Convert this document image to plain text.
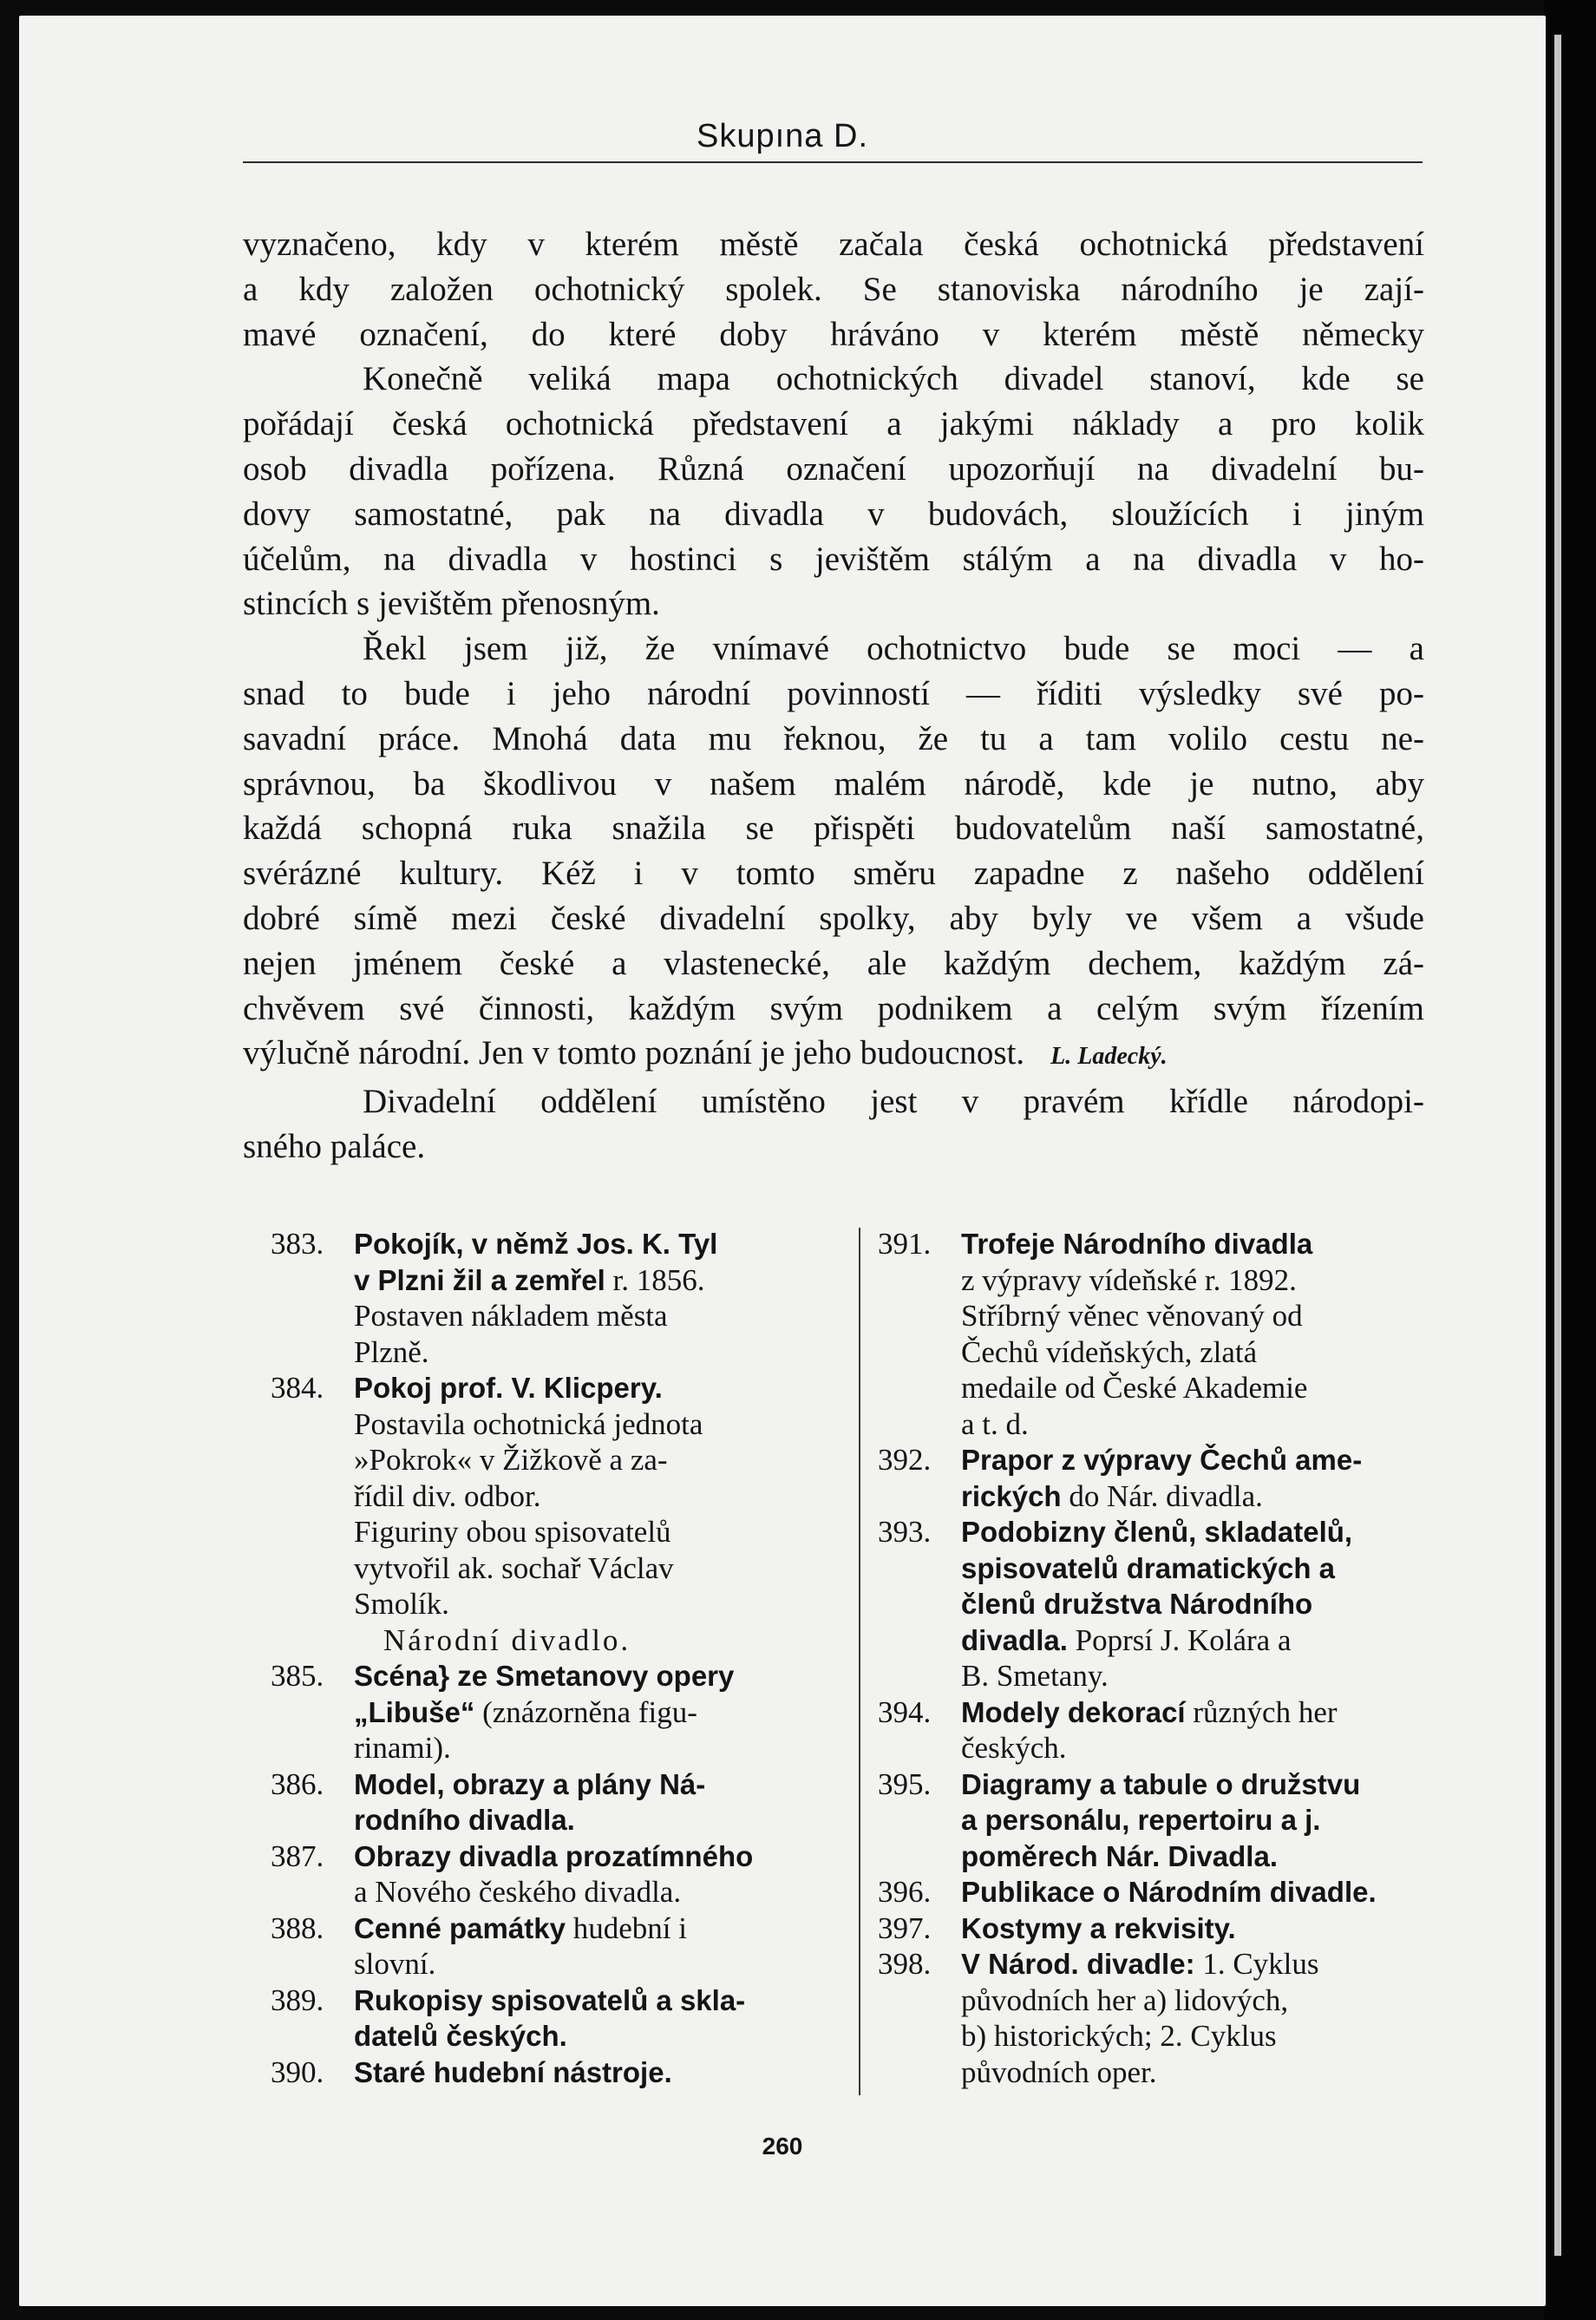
Skupına D.
vyznačeno, kdy v kterém městě začala česká ochotnická představení
a kdy založen ochotnický spolek. Se stanoviska národního je zají-
mavé označení, do které doby hráváno v kterém městě německy
Konečně veliká mapa ochotnických divadel stanoví, kde se
pořádají česká ochotnická představení a jakými náklady a pro kolik
osob divadla pořízena. Různá označení upozorňují na divadelní bu-
dovy samostatné, pak na divadla v budovách, sloužících i jiným
účelům, na divadla v hostinci s jevištěm stálým a na divadla v ho-
stincích s jevištěm přenosným.
Řekl jsem již, že vnímavé ochotnictvo bude se moci — a
snad to bude i jeho národní povinností — říditi výsledky své po-
savadní práce. Mnohá data mu řeknou, že tu a tam volilo cestu ne-
správnou, ba škodlivou v našem malém národě, kde je nutno, aby
každá schopná ruka snažila se přispěti budovatelům naší samostatné,
svérázné kultury. Kéž i v tomto směru zapadne z našeho oddělení
dobré símě mezi české divadelní spolky, aby byly ve všem a všude
nejen jménem české a vlastenecké, ale každým dechem, každým zá-
chvěvem své činnosti, každým svým podnikem a celým svým řízením
výlučně národní. Jen v tomto poznání je jeho budoucnost. L. Ladecký.
Divadelní oddělení umístěno jest v pravém křídle národopi-
sného paláce.
383.	Pokojík, v němž Jos. K. Tyl
v Plzni žil a zemřel r. 1856.
Postaven nákladem města
Plzně.
384.	Pokoj prof. V. Klicpery.
Postavila ochotnická jednota
»Pokrok« v Žižkově a za-
řídil div. odbor.
Figuriny obou spisovatelů
vytvořil ak. sochař Václav
Smolík.
Národní divadlo.
385.	Scéna} ze Smetanovy opery
„Libuše“ (znázorněna figu-
rinami).
386.	Model, obrazy a plány Ná-
rodního divadla.
387.	Obrazy divadla prozatímného
a Nového českého divadla.
388.	Cenné památky hudební i
slovní.
389.	Rukopisy spisovatelů a skla-
datelů českých.
390.	Staré hudební nástroje.
391.	Trofeje Národního divadla
z výpravy vídeňské r. 1892.
Stříbrný věnec věnovaný od
Čechů vídeňských, zlatá
medaile od České Akademie
a t. d.
392.	Prapor z výpravy Čechů ame-
rických do Nár. divadla.
393.	Podobizny členů, skladatelů,
spisovatelů dramatických a
členů družstva Národního
divadla. Poprsí J. Kolára a
B. Smetany.
394.	Modely dekorací různých her
českých.
395.	Diagramy a tabule o družstvu
a personálu, repertoiru a j.
poměrech Nár. Divadla.
396.	Publikace o Národním divadle.
397.	Kostymy a rekvisity.
398.	V Národ. divadle: 1. Cyklus
původních her a) lidových,
b) historických; 2. Cyklus
původních oper.
260
